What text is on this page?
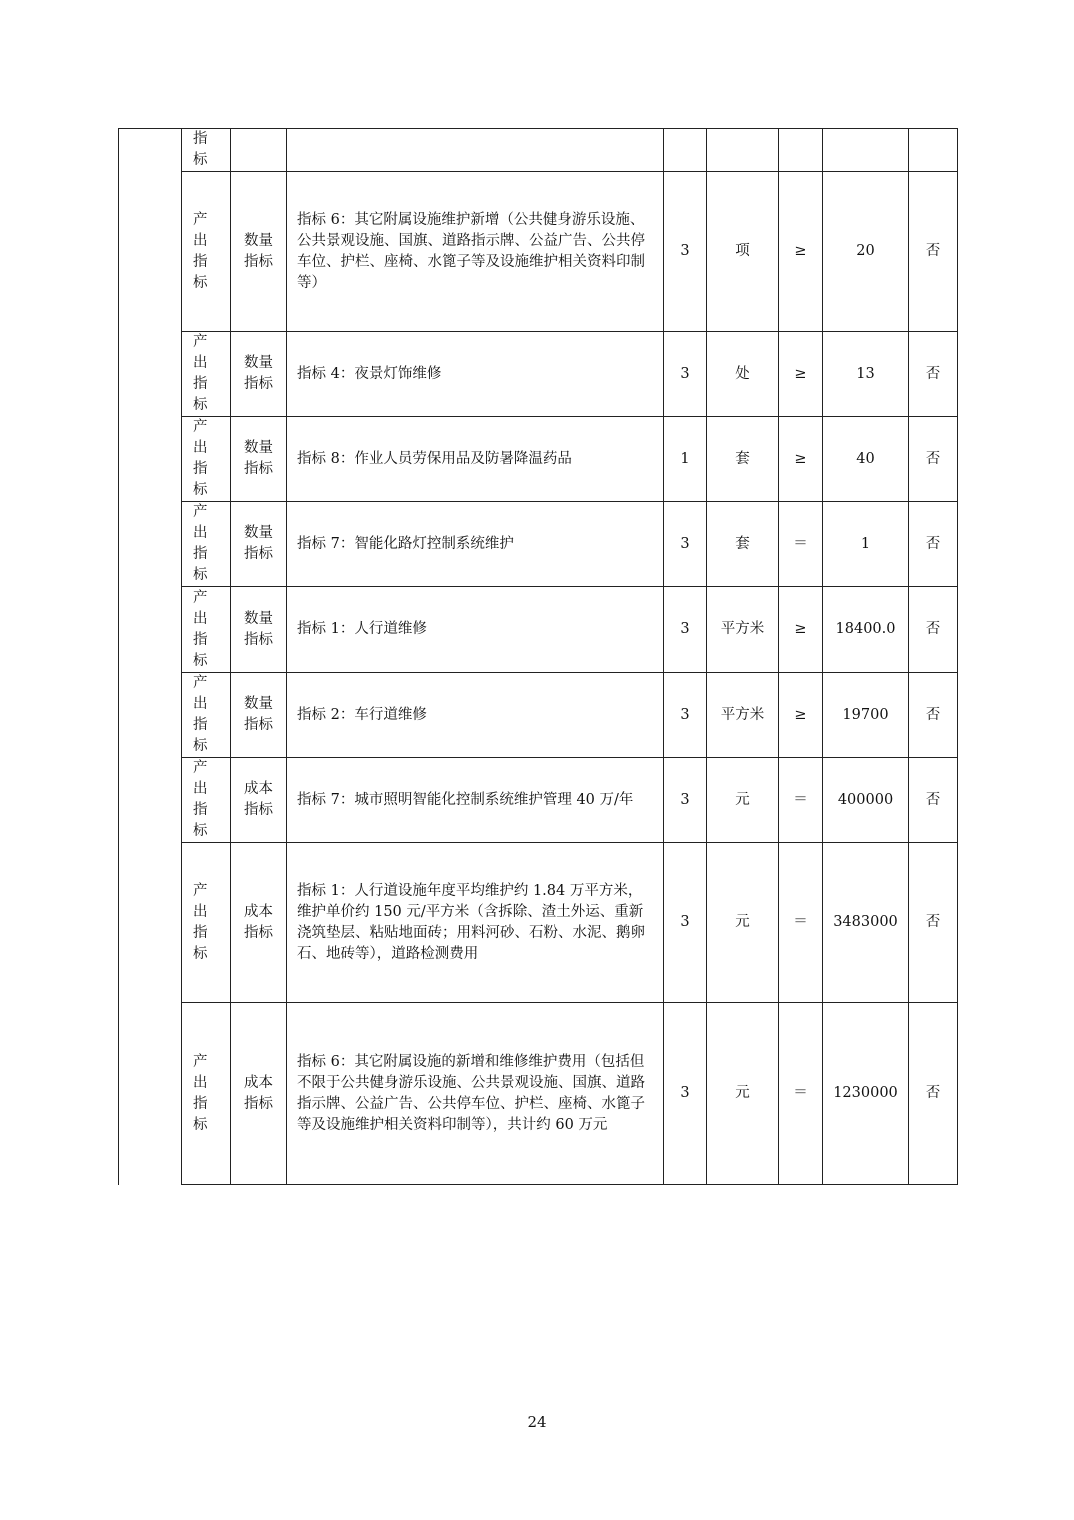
	指
标							

	产
出
指
标	数量指标	指标 6：其它附属设施维护新增（公共健身游乐设施、公共景观设施、国旗、道路指示牌、公益广告、公共停车位、护栏、座椅、水篦子等及设施维护相关资料印制等）	3	项	≥	20	否

	产
出
指
标	数量指标	指标 4：夜景灯饰维修	3	处	≥	13	否

	产
出
指
标	数量指标	指标 8：作业人员劳保用品及防暑降温药品	1	套	≥	40	否

	产
出
指
标	数量指标	指标 7：智能化路灯控制系统维护	3	套	＝	1	否

	产
出
指
标	数量指标	指标 1：人行道维修	3	平方米	≥	18400.0	否

	产
出
指
标	数量指标	指标 2：车行道维修	3	平方米	≥	19700	否

	产
出
指
标	成本指标	指标 7：城市照明智能化控制系统维护管理 40 万/年	3	元	＝	400000	否

	产
出
指
标	成本指标	指标 1：人行道设施年度平均维护约 1.84 万平方米，维护单价约 150 元/平方米（含拆除、渣土外运、重新浇筑垫层、粘贴地面砖；用料河砂、石粉、水泥、鹅卵石、地砖等），道路检测费用	3	元	＝	3483000	否

	产
出
指
标	成本指标	指标 6：其它附属设施的新增和维修维护费用（包括但不限于公共健身游乐设施、公共景观设施、国旗、道路指示牌、公益广告、公共停车位、护栏、座椅、水篦子等及设施维护相关资料印制等），共计约 60 万元	3	元	＝	1230000	否
24
